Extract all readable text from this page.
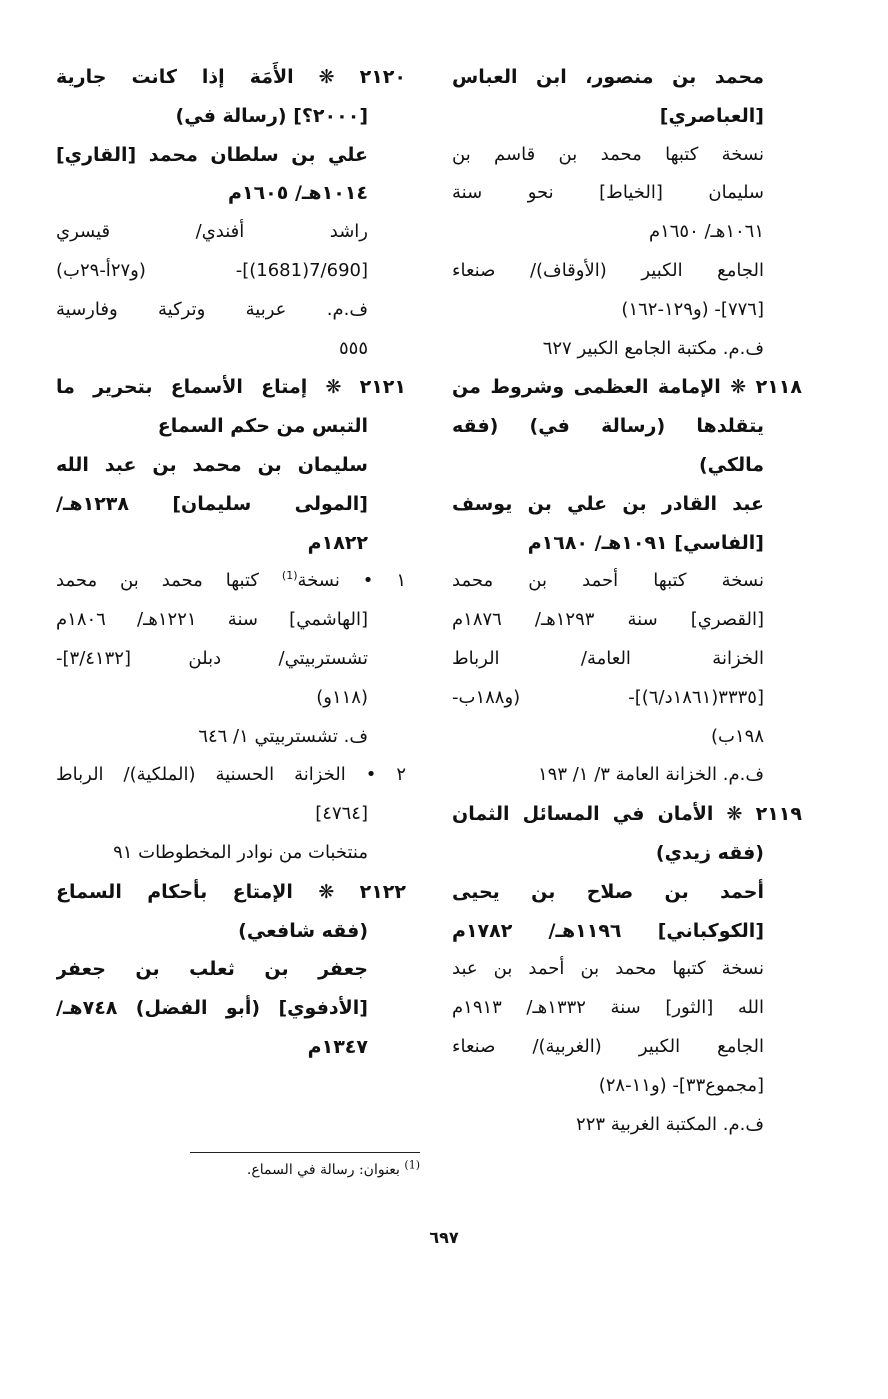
محمد بن منصور، ابن العباس
[العباصري]
نسخة كتبها محمد بن قاسم بن
سليمان [الخياط] نحو سنة
١٠٦١هـ/ ١٦٥٠م
الجامع الكبير (الأوقاف)/ صنعاء
[٧٧٦]- (و١٢٩-١٦٢)
ف.م. مكتبة الجامع الكبير ٦٢٧
٢١١٨ ❋ الإمامة العظمى وشروط من
يتقلدها (رسالة في) (فقه
مالكي)
عبد القادر بن علي بن يوسف
[الفاسي] ١٠٩١هـ/ ١٦٨٠م
نسخة كتبها أحمد بن محمد
[القصري] سنة ١٢٩٣هـ/ ١٨٧٦م
الخزانة العامة/ الرباط
[٣٣٣٥(١٨٦١د/٦)]- (و١٨٨ب-
١٩٨ب)
ف.م. الخزانة العامة ٣/ ١/ ١٩٣
٢١١٩ ❋ الأمان في المسائل الثمان
(فقه زيدي)
أحمد بن صلاح بن يحيى
[الكوكباني] ١١٩٦هـ/ ١٧٨٢م
نسخة كتبها محمد بن أحمد بن عبد
الله [الثور] سنة ١٣٣٢هـ/ ١٩١٣م
الجامع الكبير (الغربية)/ صنعاء
[مجموع٣٣]- (و١١-٢٨)
ف.م. المكتبة الغربية ٢٢٣
٢١٢٠ ❋ الأَمَة إذا كانت جارية
[٢٠٠٠؟] (رسالة في)
علي بن سلطان محمد [القاري]
١٠١٤هـ/ ١٦٠٥م
راشد أفندي/ قيسري
[7/690(1681)]- (و٢٧أ-٢٩ب)
ف.م. عربية وتركية وفارسية
٥٥٥
٢١٢١ ❋ إمتاع الأسماع بتحرير ما
التبس من حكم السماع
سليمان بن محمد بن عبد الله
[المولى سليمان] ١٢٣٨هـ/
١٨٢٢م
١ • نسخة$^{(1)}$ كتبها محمد بن محمد
[الهاشمي] سنة ١٢٢١هـ/ ١٨٠٦م
تشستربيتي/ دبلن [٣/٤١٣٢]-
(١١٨و)
ف. تشستربيتي ١/ ٦٤٦
٢ • الخزانة الحسنية (الملكية)/ الرباط
[٤٧٦٤]
منتخبات من نوادر المخطوطات ٩١
٢١٢٢ ❋ الإمتاع بأحكام السماع
(فقه شافعي)
جعفر بن ثعلب بن جعفر
[الأدفوي] (أبو الفضل) ٧٤٨هـ/
١٣٤٧م
$^{(1)}$ بعنوان: رسالة في السماع.
٦٩٧
